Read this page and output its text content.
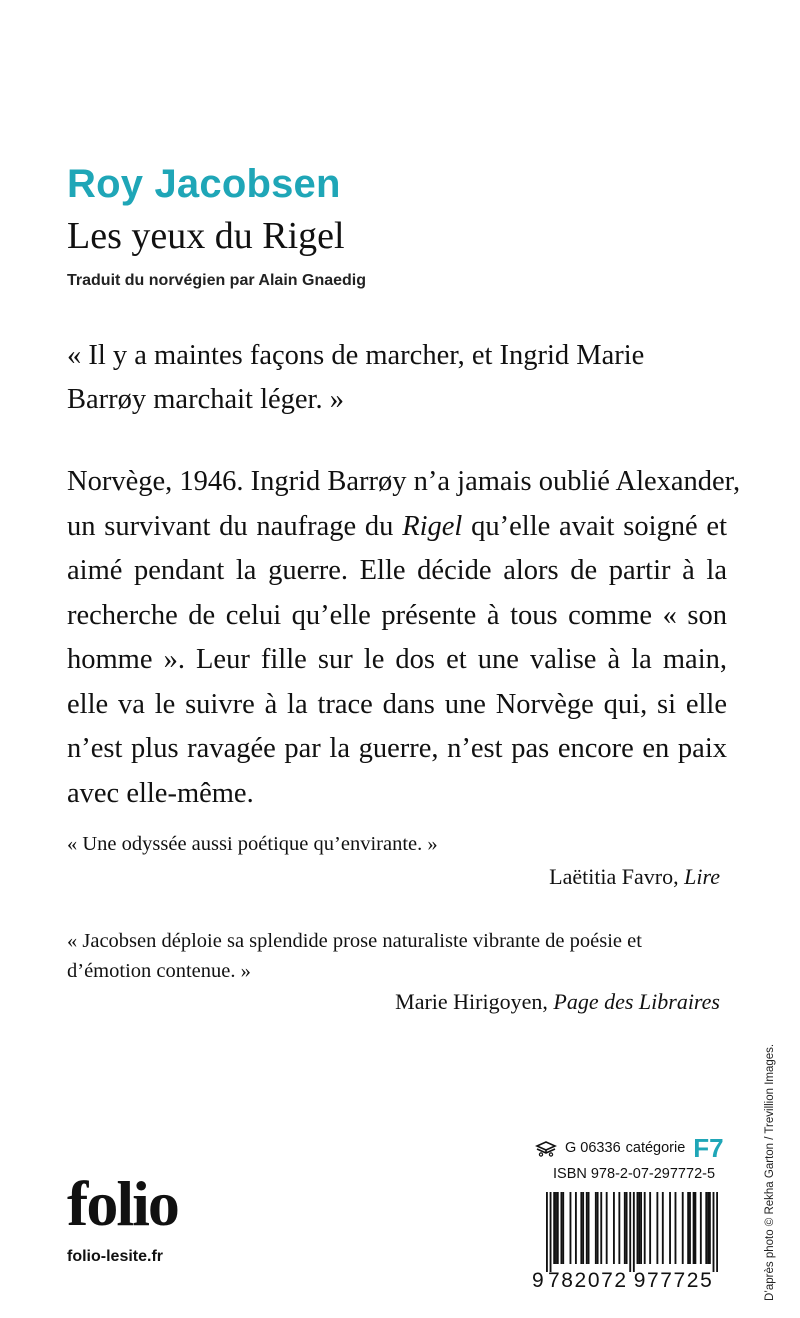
Roy Jacobsen
Les yeux du Rigel
Traduit du norvégien par Alain Gnaedig

« Il y a maintes façons de marcher, et Ingrid Marie Barrøy marchait léger. »

Norvège, 1946. Ingrid Barrøy n’a jamais oublié Alexander,
un survivant du naufrage du Rigel qu’elle avait soigné et
aimé pendant la guerre. Elle décide alors de partir à la
recherche de celui qu’elle présente à tous comme « son
homme ». Leur fille sur le dos et une valise à la main,
elle va le suivre à la trace dans une Norvège qui, si elle
n’est plus ravagée par la guerre, n’est pas encore en paix
avec elle-même.
« Une odyssée aussi poétique qu’envirante. »
Laëtitia Favro, Lire

« Jacobsen déploie sa splendide prose naturaliste vibrante de poésie et d’émotion contenue. »

Marie Hirigoyen, Page des Libraires
folio
folio-lesite.fr
G 06336 catégorie F7
ISBN 978-2-07-297772-5
9 782072 977725	D’après photo © Rekha Garton / Trevillion Images.
